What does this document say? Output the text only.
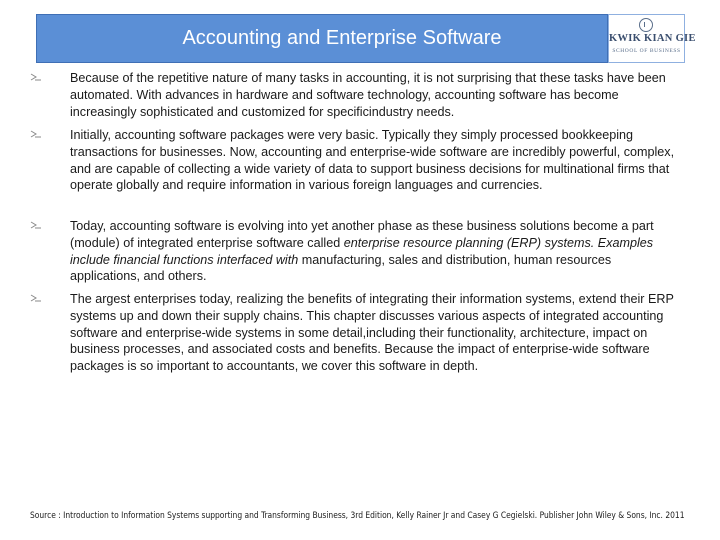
Accounting and Enterprise Software	KWIK KIAN GIE
SCHOOL OF BUSINESS
Because of the repetitive nature of many tasks in accounting, it is not surprising that these tasks have been automated. With advances in hardware and software technology, accounting software has become increasingly sophisticated and customized for specificindustry needs.
Initially, accounting software packages were very basic. Typically they simply processed bookkeeping transactions for businesses. Now, accounting and enterprise-wide software are incredibly powerful, complex, and are capable of collecting a wide variety of data to support business decisions for multinational firms that operate globally and require information in various foreign languages and currencies.
Today, accounting software is evolving into yet another phase as these business solutions become a part (module) of integrated enterprise software called enterprise resource planning (ERP) systems. Examples include financial functions interfaced with manufacturing, sales and distribution, human resources applications, and others.
The argest enterprises today, realizing the benefits of integrating their information systems, extend their ERP systems up and down their supply chains. This chapter discusses various aspects of integrated accounting software and enterprise-wide systems in some detail,including their functionality, architecture, impact on business processes, and associated costs and benefits. Because the impact of enterprise-wide software packages is so important to accountants, we cover this software in depth.
Source : Introduction to Information Systems supporting and Transforming Business, 3rd Edition, Kelly Rainer Jr and Casey G Cegielski. Publisher John Wiley & Sons, Inc. 2011
